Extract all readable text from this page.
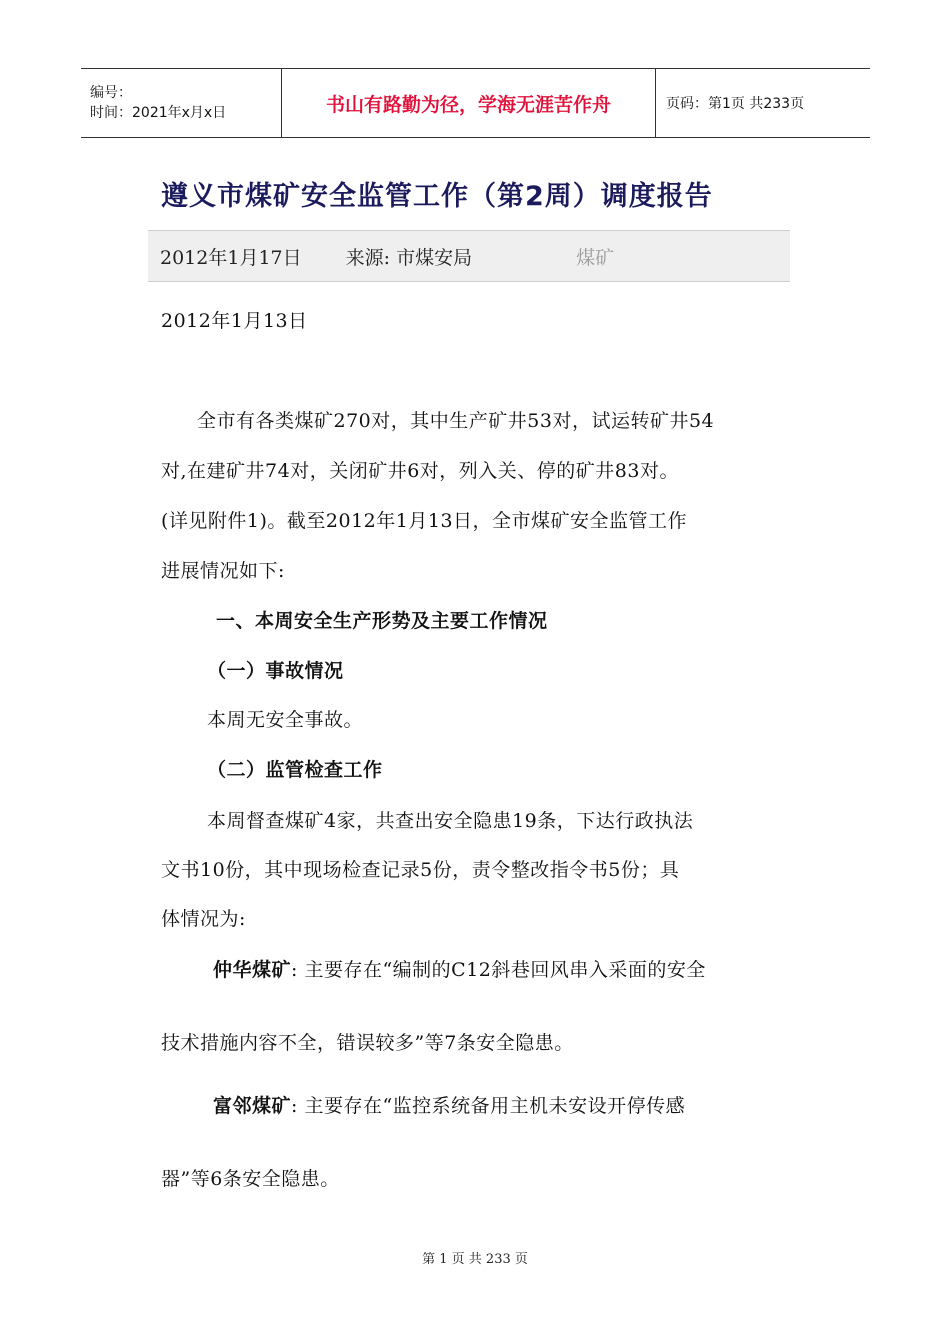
编号：
时间：2021年x月x日	书山有路勤为径，学海无涯苦作舟	页码：第1页 共233页
遵义市煤矿安全监管工作（第2周）调度报告
2012年1月17日 来源: 市煤安局	煤矿
2012年1月13日
全市有各类煤矿270对，其中生产矿井53对，试运转矿井54
对,在建矿井74对，关闭矿井6对，列入关、停的矿井83对。
(详见附件1)。截至2012年1月13日，全市煤矿安全监管工作
进展情况如下:
一、本周安全生产形势及主要工作情况
（一）事故情况
本周无安全事故。
（二）监管检查工作
本周督查煤矿4家，共查出安全隐患19条，下达行政执法
文书10份，其中现场检查记录5份，责令整改指令书5份；具
体情况为:
仲华煤矿: 主要存在“编制的C12斜巷回风串入采面的安全
技术措施内容不全，错误较多”等7条安全隐患。
富邻煤矿: 主要存在“监控系统备用主机未安设开停传感
器”等6条安全隐患。
第 1 页 共 233 页
